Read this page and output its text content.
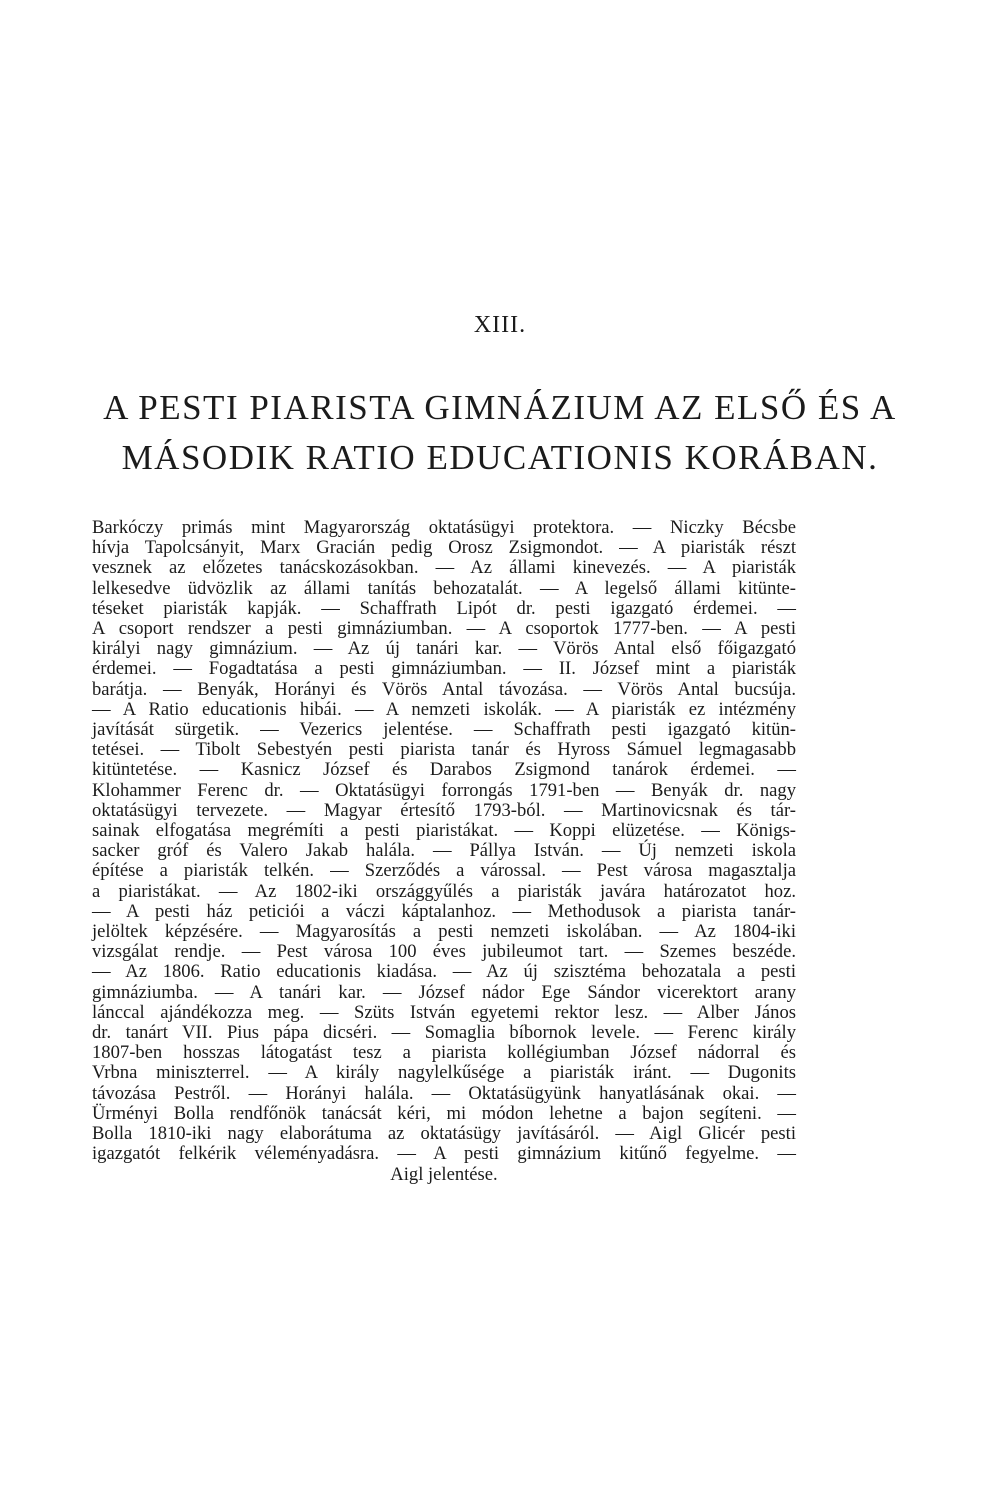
XIII.
A PESTI PIARISTA GIMNÁZIUM AZ ELSŐ ÉS A
MÁSODIK RATIO EDUCATIONIS KORÁBAN.
Barkóczy primás mint Magyarország oktatásügyi protektora. — Niczky Bécsbe
hívja Tapolcsányit, Marx Gracián pedig Orosz Zsigmondot. — A piaristák részt
vesznek az előzetes tanácskozásokban. — Az állami kinevezés. — A piaristák
lelkesedve üdvözlik az állami tanítás behozatalát. — A legelső állami kitünte-
téseket piaristák kapják. — Schaffrath Lipót dr. pesti igazgató érdemei. —
A csoport rendszer a pesti gimnáziumban. — A csoportok 1777-ben. — A pesti
királyi nagy gimnázium. — Az új tanári kar. — Vörös Antal első főigazgató
érdemei. — Fogadtatása a pesti gimnáziumban. — II. József mint a piaristák
barátja. — Benyák, Horányi és Vörös Antal távozása. — Vörös Antal bucsúja.
— A Ratio educationis hibái. — A nemzeti iskolák. — A piaristák ez intézmény
javítását sürgetik. — Vezerics jelentése. — Schaffrath pesti igazgató kitün-
tetései. — Tibolt Sebestyén pesti piarista tanár és Hyross Sámuel legmagasabb
kitüntetése. — Kasnicz József és Darabos Zsigmond tanárok érdemei. —
Klohammer Ferenc dr. — Oktatásügyi forrongás 1791-ben — Benyák dr. nagy
oktatásügyi tervezete. — Magyar értesítő 1793-ból. — Martinovicsnak és tár-
sainak elfogatása megrémíti a pesti piaristákat. — Koppi elüzetése. — Königs-
sacker gróf és Valero Jakab halála. — Pállya István. — Új nemzeti iskola
építése a piaristák telkén. — Szerződés a várossal. — Pest városa magasztalja
a piaristákat. — Az 1802-iki országgyűlés a piaristák javára határozatot hoz.
— A pesti ház peticiói a váczi káptalanhoz. — Methodusok a piarista tanár-
jelöltek képzésére. — Magyarosítás a pesti nemzeti iskolában. — Az 1804-iki
vizsgálat rendje. — Pest városa 100 éves jubileumot tart. — Szemes beszéde.
— Az 1806. Ratio educationis kiadása. — Az új szisztéma behozatala a pesti
gimnáziumba. — A tanári kar. — József nádor Ege Sándor vicerektort arany
lánccal ajándékozza meg. — Szüts István egyetemi rektor lesz. — Alber János
dr. tanárt VII. Pius pápa dicséri. — Somaglia bíbornok levele. — Ferenc király
1807-ben hosszas látogatást tesz a piarista kollégiumban József nádorral és
Vrbna miniszterrel. — A király nagylelkűsége a piaristák iránt. — Dugonits
távozása Pestről. — Horányi halála. — Oktatásügyünk hanyatlásának okai. —
Ürményi Bolla rendfőnök tanácsát kéri, mi módon lehetne a bajon segíteni. —
Bolla 1810-iki nagy elaborátuma az oktatásügy javításáról. — Aigl Glicér pesti
igazgatót felkérik véleményadásra. — A pesti gimnázium kitűnő fegyelme. —
Aigl jelentése.
